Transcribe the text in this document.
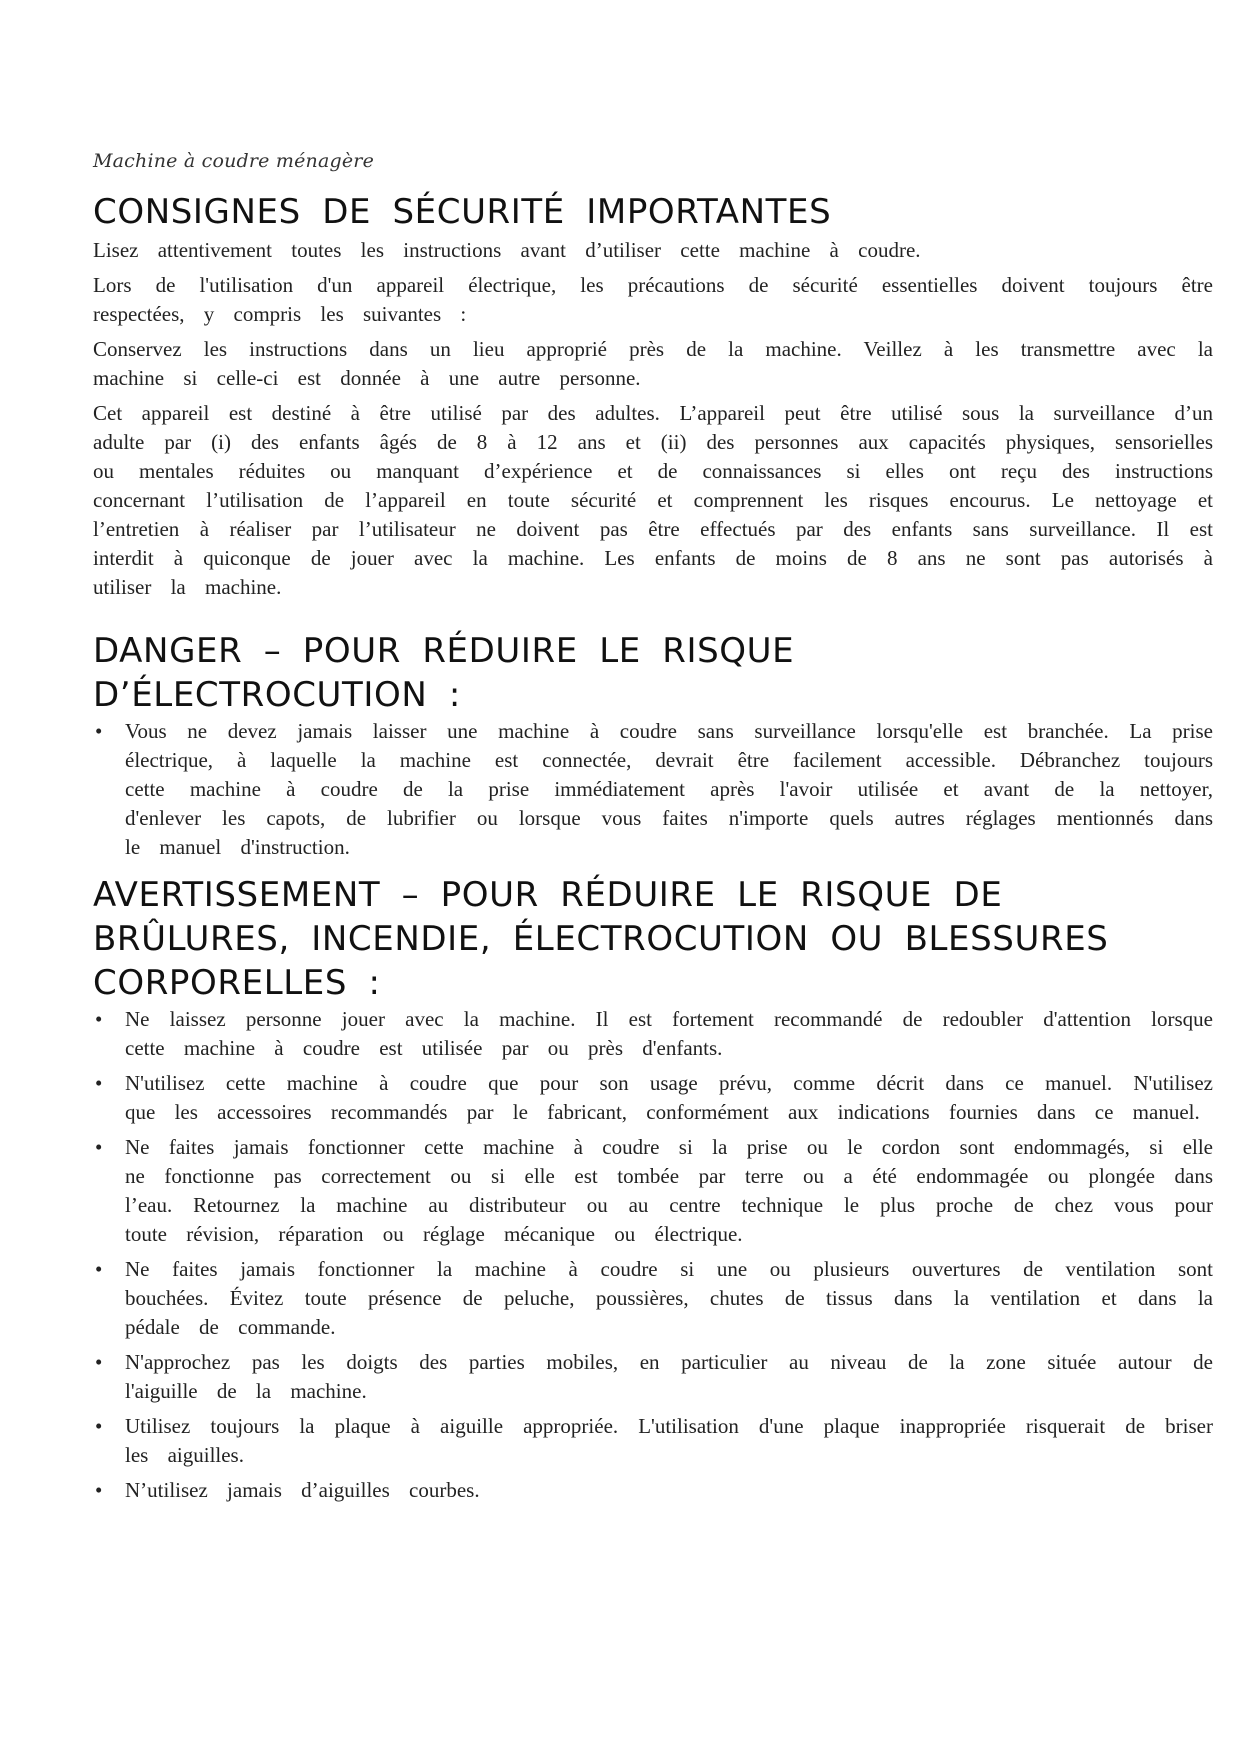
Machine à coudre ménagère
CONSIGNES DE SÉCURITÉ IMPORTANTES

Lisez attentivement toutes les instructions avant d’utiliser cette machine à coudre.

Lors de l'utilisation d'un appareil électrique, les précautions de sécurité essentielles doivent toujours être respectées, y compris les suivantes :

Conservez les instructions dans un lieu approprié près de la machine. Veillez à les transmettre avec la machine si celle-ci est donnée à une autre personne.

Cet appareil est destiné à être utilisé par des adultes. L’appareil peut être utilisé sous la surveillance d’un adulte par (i) des enfants âgés de 8 à 12 ans et (ii) des personnes aux capacités physiques, sensorielles ou mentales réduites ou manquant d’expérience et de connaissances si elles ont reçu des instructions concernant l’utilisation de l’appareil en toute sécurité et comprennent les risques encourus. Le nettoyage et l’entretien à réaliser par l’utilisateur ne doivent pas être effectués par des enfants sans surveillance. Il est interdit à quiconque de jouer avec la machine. Les enfants de moins de 8 ans ne sont pas autorisés à utiliser la machine.

DANGER – POUR RÉDUIRE LE RISQUE
D’ÉLECTROCUTION :
• Vous ne devez jamais laisser une machine à coudre sans surveillance lorsqu'elle est branchée. La prise électrique, à laquelle la machine est connectée, devrait être facilement accessible. Débranchez toujours cette machine à coudre de la prise immédiatement après l'avoir utilisée et avant de la nettoyer, d'enlever les capots, de lubrifier ou lorsque vous faites n'importe quels autres réglages mentionnés dans le manuel d'instruction.
AVERTISSEMENT – POUR RÉDUIRE LE RISQUE DE
BRÛLURES, INCENDIE, ÉLECTROCUTION OU BLESSURES
CORPORELLES :
• Ne laissez personne jouer avec la machine. Il est fortement recommandé de redoubler d'attention lorsque cette machine à coudre est utilisée par ou près d'enfants.
• N'utilisez cette machine à coudre que pour son usage prévu, comme décrit dans ce manuel. N'utilisez que les accessoires recommandés par le fabricant, conformément aux indications fournies dans ce manuel.
• Ne faites jamais fonctionner cette machine à coudre si la prise ou le cordon sont endommagés, si elle ne fonctionne pas correctement ou si elle est tombée par terre ou a été endommagée ou plongée dans l’eau. Retournez la machine au distributeur ou au centre technique le plus proche de chez vous pour toute révision, réparation ou réglage mécanique ou électrique.
• Ne faites jamais fonctionner la machine à coudre si une ou plusieurs ouvertures de ventilation sont bouchées. Évitez toute présence de peluche, poussières, chutes de tissus dans la ventilation et dans la pédale de commande.
• N'approchez pas les doigts des parties mobiles, en particulier au niveau de la zone située autour de l'aiguille de la machine.
• Utilisez toujours la plaque à aiguille appropriée. L'utilisation d'une plaque inappropriée risquerait de briser les aiguilles.
• N’utilisez jamais d’aiguilles courbes.
